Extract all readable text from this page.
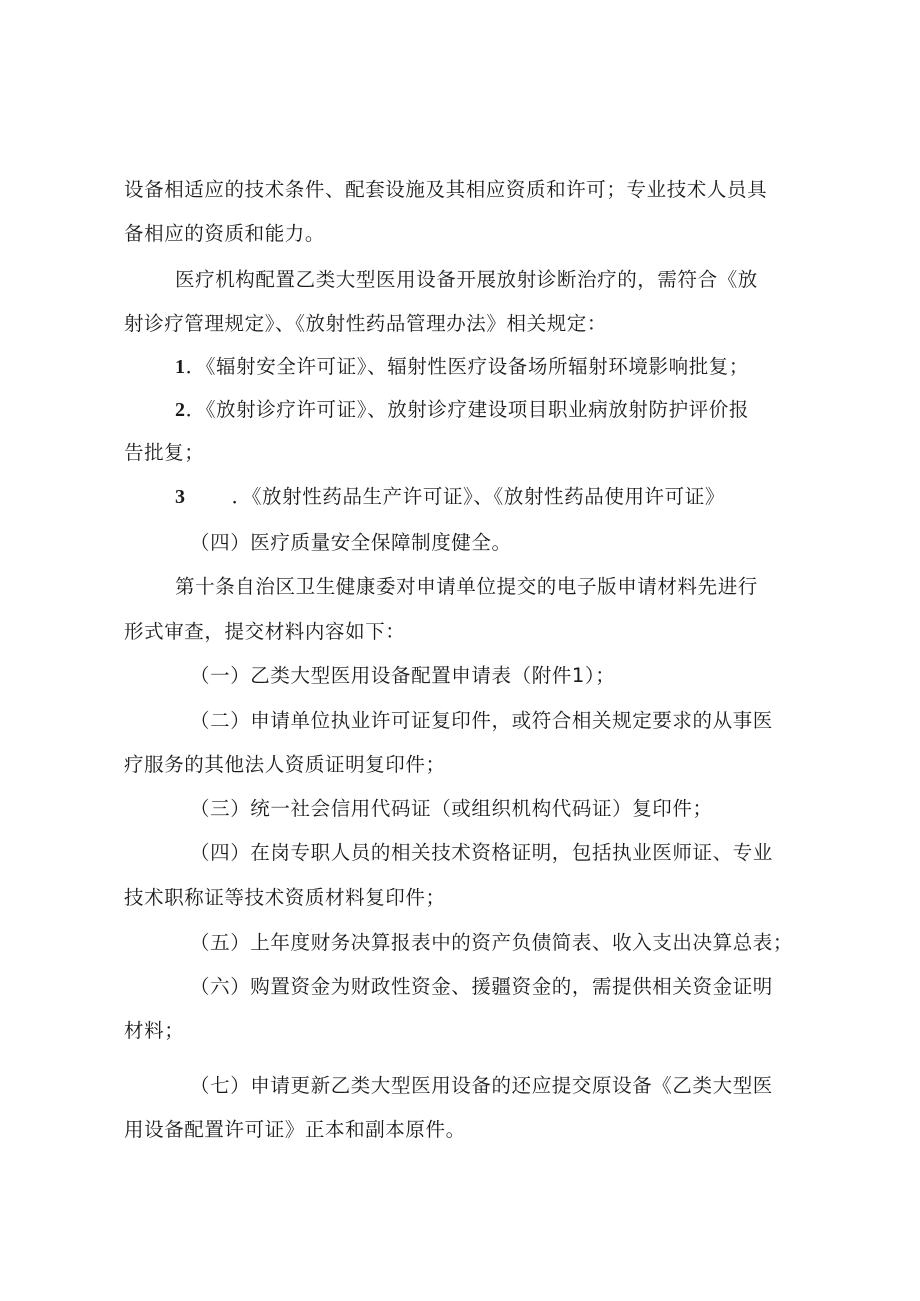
设备相适应的技术条件、配套设施及其相应资质和许可；专业技术人员具
备相应的资质和能力。
医疗机构配置乙类大型医用设备开展放射诊断治疗的，需符合《放
射诊疗管理规定》、《放射性药品管理办法》相关规定：
1．《辐射安全许可证》、辐射性医疗设备场所辐射环境影响批复；
2．《放射诊疗许可证》、放射诊疗建设项目职业病放射防护评价报
告批复；
3 ．《放射性药品生产许可证》、《放射性药品使用许可证》
（四）医疗质量安全保障制度健全。
第十条自治区卫生健康委对申请单位提交的电子版申请材料先进行
形式审查，提交材料内容如下：
（一）乙类大型医用设备配置申请表（附件1）；
（二）申请单位执业许可证复印件，或符合相关规定要求的从事医
疗服务的其他法人资质证明复印件；
（三）统一社会信用代码证（或组织机构代码证）复印件；
（四）在岗专职人员的相关技术资格证明，包括执业医师证、专业
技术职称证等技术资质材料复印件；
（五）上年度财务决算报表中的资产负债简表、收入支出决算总表；
（六）购置资金为财政性资金、援疆资金的，需提供相关资金证明
材料；
（七）申请更新乙类大型医用设备的还应提交原设备《乙类大型医
用设备配置许可证》正本和副本原件。
